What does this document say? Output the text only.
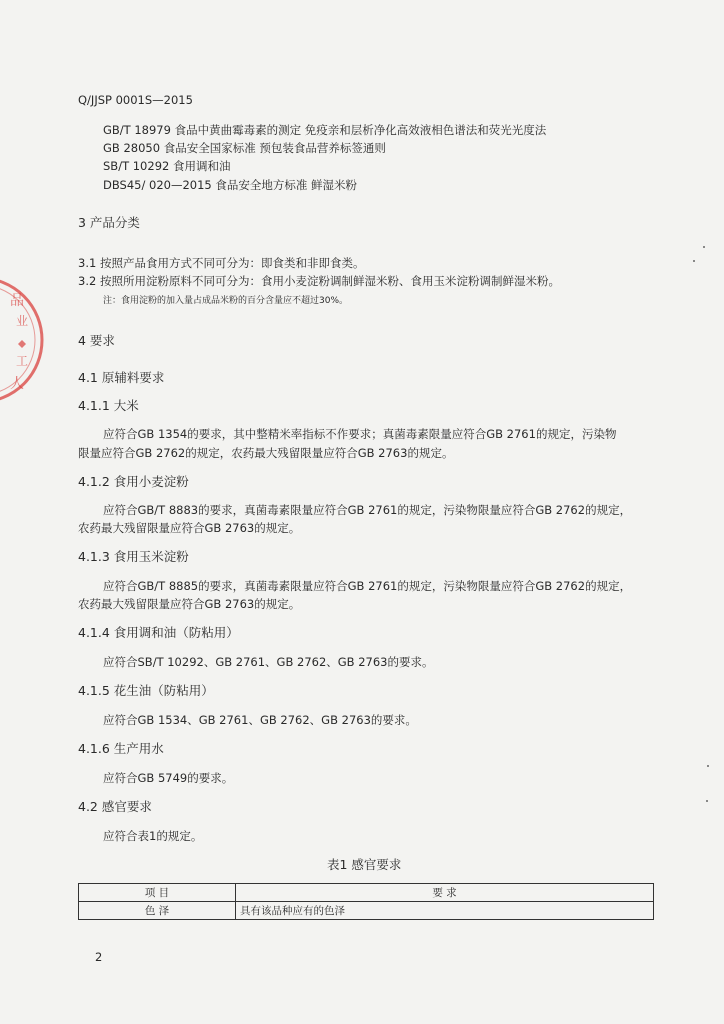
品
业
工
人
Q/JJSP 0001S—2015
GB/T 18979 食品中黄曲霉毒素的测定 免疫亲和层析净化高效液相色谱法和荧光光度法
GB 28050 食品安全国家标准 预包装食品营养标签通则
SB/T 10292 食用调和油
DBS45/ 020—2015 食品安全地方标准 鲜湿米粉
3 产品分类
3.1 按照产品食用方式不同可分为：即食类和非即食类。
3.2 按照所用淀粉原料不同可分为：食用小麦淀粉调制鲜湿米粉、食用玉米淀粉调制鲜湿米粉。
注：食用淀粉的加入量占成品米粉的百分含量应不超过30%。
4 要求
4.1 原辅料要求
4.1.1 大米
应符合GB 1354的要求，其中整精米率指标不作要求；真菌毒素限量应符合GB 2761的规定，污染物
限量应符合GB 2762的规定，农药最大残留限量应符合GB 2763的规定。
4.1.2 食用小麦淀粉
应符合GB/T 8883的要求，真菌毒素限量应符合GB 2761的规定，污染物限量应符合GB 2762的规定，
农药最大残留限量应符合GB 2763的规定。
4.1.3 食用玉米淀粉
应符合GB/T 8885的要求，真菌毒素限量应符合GB 2761的规定，污染物限量应符合GB 2762的规定，
农药最大残留限量应符合GB 2763的规定。
4.1.4 食用调和油（防粘用）
应符合SB/T 10292、GB 2761、GB 2762、GB 2763的要求。
4.1.5 花生油（防粘用）
应符合GB 1534、GB 2761、GB 2762、GB 2763的要求。
4.1.6 生产用水
应符合GB 5749的要求。
4.2 感官要求
应符合表1的规定。
表1 感官要求
项 目	要 求
色 泽	具有该品种应有的色泽
2
